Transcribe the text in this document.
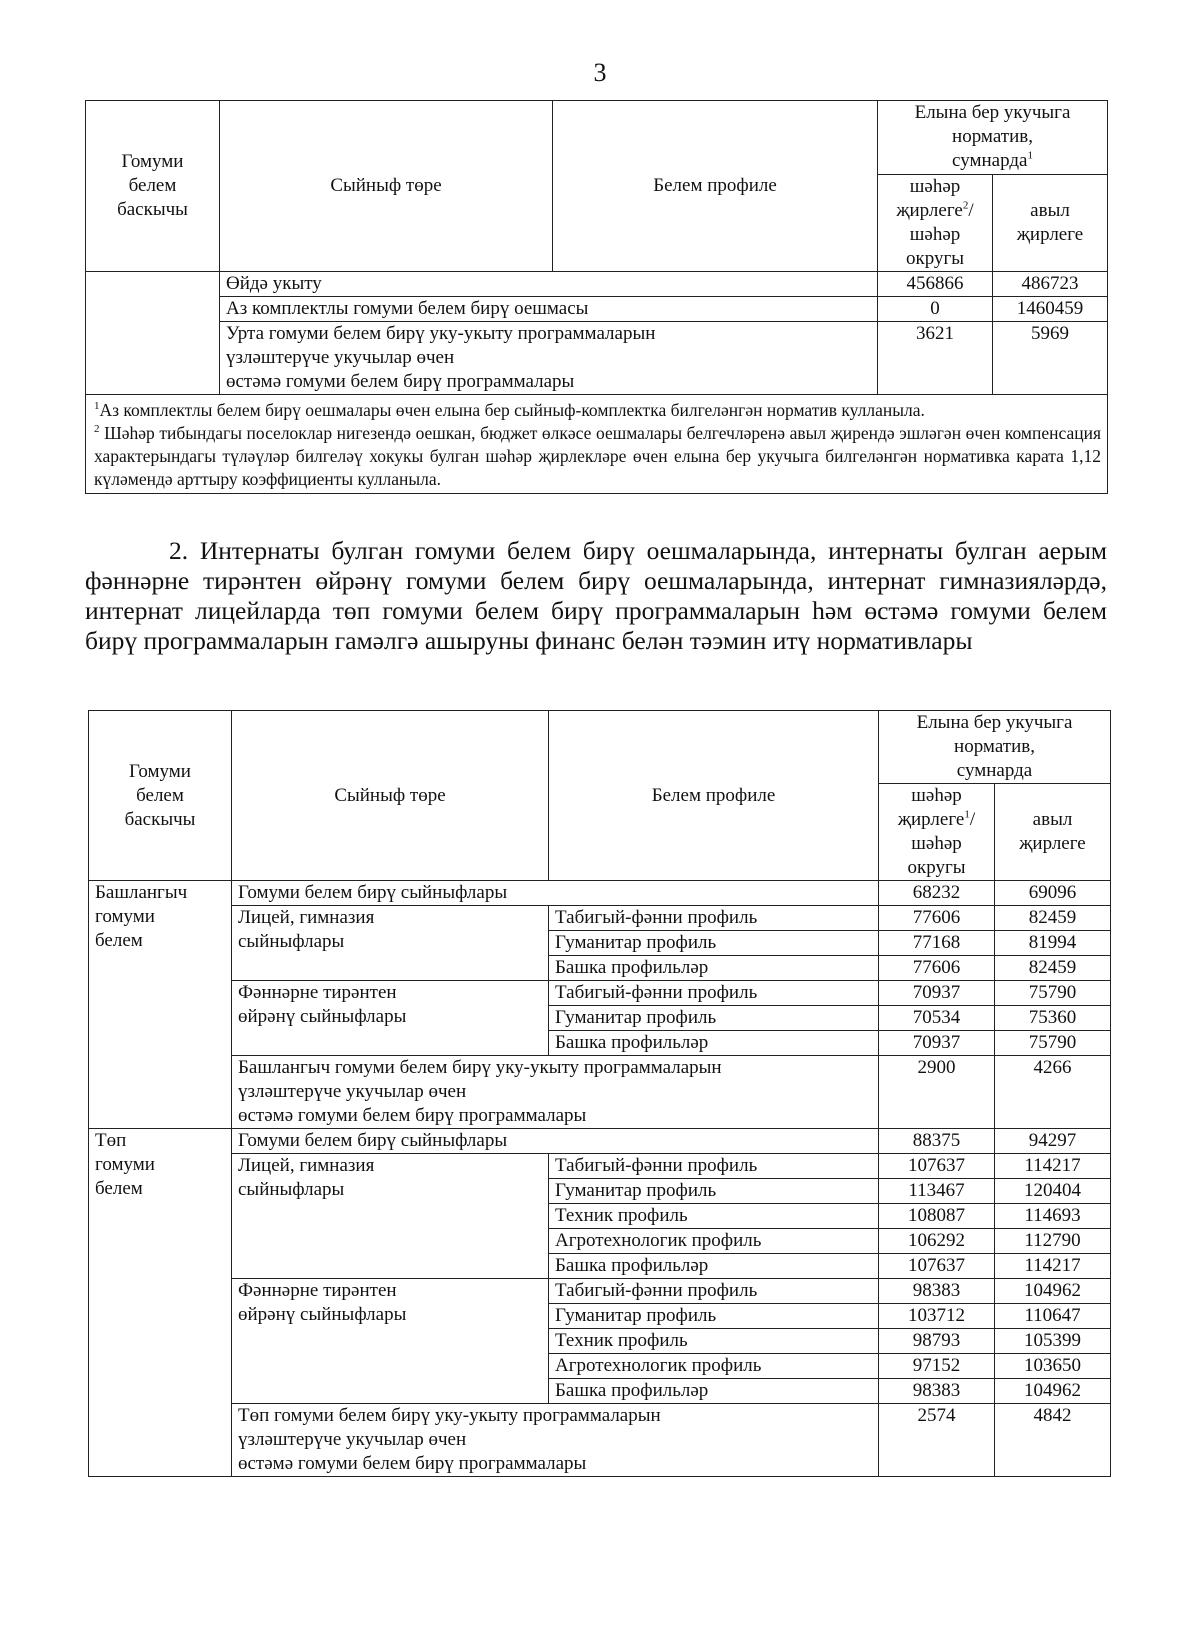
3
Гомуми
белем
баскычы	Сыйныф төре	Белем профиле	Елына бер укучыга
норматив,
сумнарда$^1$
			шәһәр
җирлеге$^2$/
шәһәр
округы	авыл
җирлеге
	Өйдә укыту		456866	486723
	Аз комплектлы гомуми белем бирү оешмасы		0	1460459
	Урта гомуми белем бирү уку-укыту программаларын
үзләштерүче укучылар өчен
өстәмә гомуми белем бирү программалары		3621	5969

$^1$Аз комплектлы белем бирү оешмалары өчен елына бер сыйныф-комплектка билгеләнгән норматив кулланыла.

$^2$ Шәһәр тибындагы поселоклар нигезендә оешкан, бюджет өлкәсе оешмалары белгечләренә авыл җирендә эшләгән өчен компенсация характерындагы түләүләр билгеләү хокукы булган шәһәр җирлекләре өчен елына бер укучыга билгеләнгән нормативка карата 1,12 күләмендә арттыру коэффициенты кулланыла.				

2. Интернаты булган гомуми белем бирү оешмаларында, интернаты булган аерым фәннәрне тирәнтен өйрәнү гомуми белем бирү оешмаларында, интернат гимназияләрдә, интернат лицейларда төп гомуми белем бирү программаларын һәм өстәмә гомуми белем бирү программаларын гамәлгә ашыруны финанс белән тәэмин итү нормативлары

Гомуми
белем
баскычы	Сыйныф төре	Белем профиле	Елына бер укучыга
норматив,
сумнарда	
			шәһәр
җирлеге$^1$/
шәһәр
округы	авыл
җирлеге
Башлангыч
гомуми
белем	Гомуми белем бирү сыйныфлары		68232	69096
	Лицей, гимназия
сыйныфлары	Табигый-фәнни профиль	77606	82459
		Гуманитар профиль	77168	81994
		Башка профильләр	77606	82459
	Фәннәрне тирәнтен
өйрәнү сыйныфлары	Табигый-фәнни профиль	70937	75790
		Гуманитар профиль	70534	75360
		Башка профильләр	70937	75790
	Башлангыч гомуми белем бирү уку-укыту программаларын
үзләштерүче укучылар өчен
өстәмә гомуми белем бирү программалары		2900	4266
Төп
гомуми
белем	Гомуми белем бирү сыйныфлары		88375	94297
	Лицей, гимназия
сыйныфлары	Табигый-фәнни профиль	107637	114217
		Гуманитар профиль	113467	120404
		Техник профиль	108087	114693
		Агротехнологик профиль	106292	112790
		Башка профильләр	107637	114217
	Фәннәрне тирәнтен
өйрәнү сыйныфлары	Табигый-фәнни профиль	98383	104962
		Гуманитар профиль	103712	110647
		Техник профиль	98793	105399
		Агротехнологик профиль	97152	103650
		Башка профильләр	98383	104962
	Төп гомуми белем бирү уку-укыту программаларын
үзләштерүче укучылар өчен
өстәмә гомуми белем бирү программалары		2574	4842
